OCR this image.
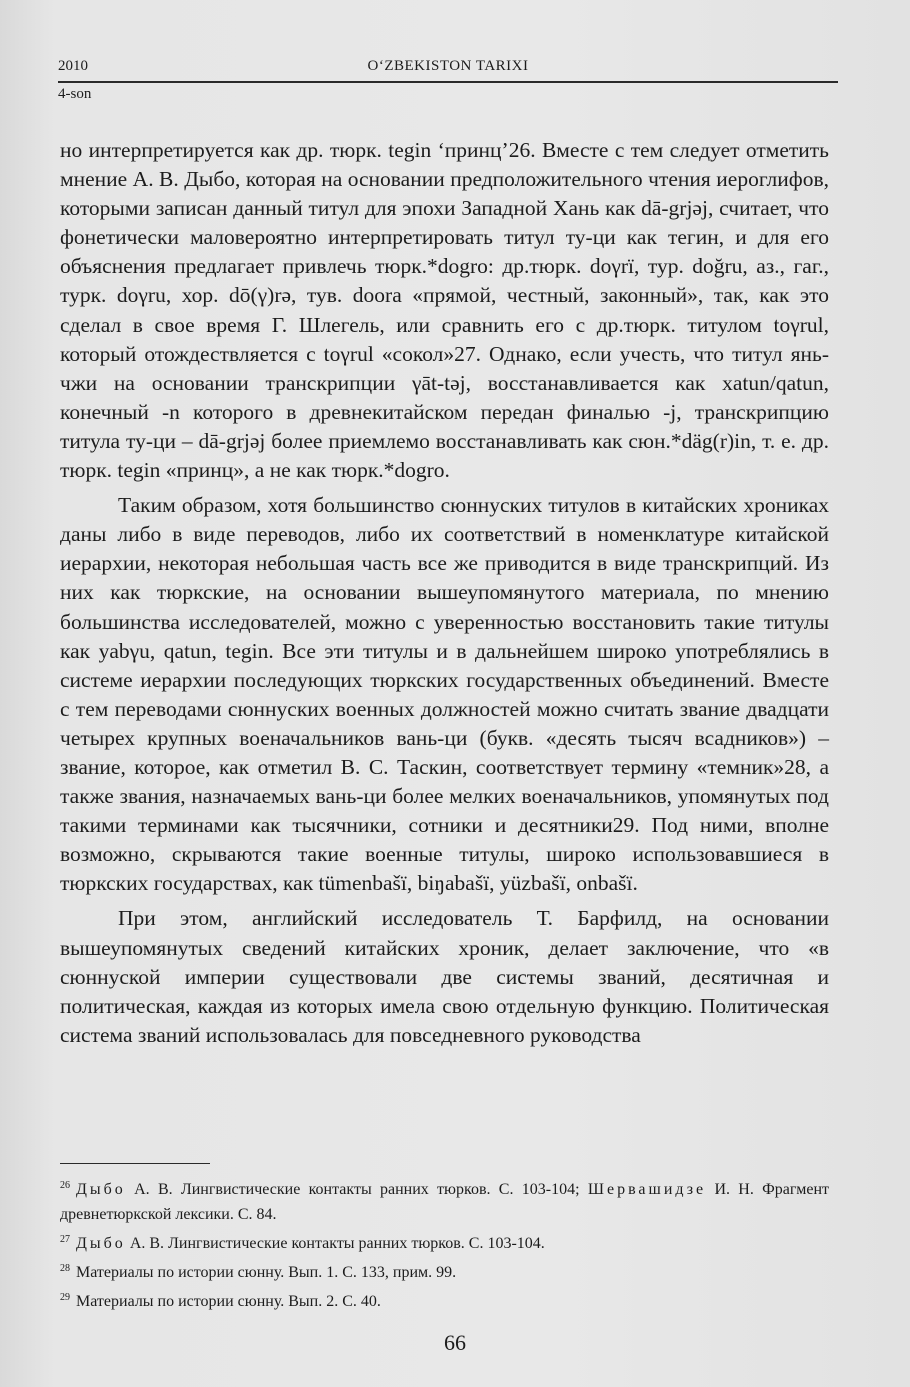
2010	O‘ZBEKISTON TARIXI
4-son

но интерпретируется как др. тюрк. tegin ‘принц’26. Вместе с тем следует отметить мнение А. В. Дыбо, которая на основании предположительного чтения иероглифов, которыми записан данный титул для эпохи Западной Хань как dā-grjǝj, считает, что фонетически маловероятно интерпретировать титул ту-ци как тегин, и для его объяснения предлагает привлечь тюрк.*dogro: др.тюрк. doγrï, тур. doğru, аз., гаг., турк. doγru, хор. dō(γ)rǝ, тув. doora «прямой, честный, законный», так, как это сделал в свое время Г. Шлегель, или сравнить его с др.тюрк. титулом toγrul, который отождествляется с toγrul «сокол»27. Однако, если учесть, что титул янь-чжи на основании транскрипции γāt-tǝj, восстанавливается как xatun/qatun, конечный -n которого в древнекитайском передан финалью -j, транскрипцию титула ту-ци – dā-grjǝj более приемлемо восстанавливать как сюн.*däg(r)in, т. е. др. тюрк. tegin «принц», а не как тюрк.*dogro.

Таким образом, хотя большинство сюннуских титулов в китайских хрониках даны либо в виде переводов, либо их соответствий в номенклатуре китайской иерархии, некоторая небольшая часть все же приводится в виде транскрипций. Из них как тюркские, на основании вышеупомянутого материала, по мнению большинства исследователей, можно с уверенностью восстановить такие титулы как yabγu, qatun, tegin. Все эти титулы и в дальнейшем широко употреблялись в системе иерархии последующих тюркских государственных объединений. Вместе с тем переводами сюннуских военных должностей можно считать звание двадцати четырех крупных военачальников вань-ци (букв. «десять тысяч всадников») – звание, которое, как отметил В. С. Таскин, соответствует термину «темник»28, а также звания, назначаемых вань-ци более мелких военачальников, упомянутых под такими терминами как тысячники, сотники и десятники29. Под ними, вполне возможно, скрываются такие военные титулы, широко использовавшиеся в тюркских государствах, как tümenbašï, biŋabašï, yüzbašï, onbašï.

При этом, английский исследователь Т. Барфилд, на основании вышеупомянутых сведений китайских хроник, делает заключение, что «в сюннуской империи существовали две системы званий, десятичная и политическая, каждая из которых имела свою отдельную функцию. Политическая система званий использовалась для повседневного руководства

$^{26}$ Дыбо А. В. Лингвистические контакты ранних тюрков. С. 103-104; Шервашидзе И. Н. Фрагмент древнетюркской лексики. С. 84.

$^{27}$ Дыбо А. В. Лингвистические контакты ранних тюрков. С. 103-104.

$^{28}$ Материалы по истории сюнну. Вып. 1. С. 133, прим. 99.

$^{29}$ Материалы по истории сюнну. Вып. 2. С. 40.

66
